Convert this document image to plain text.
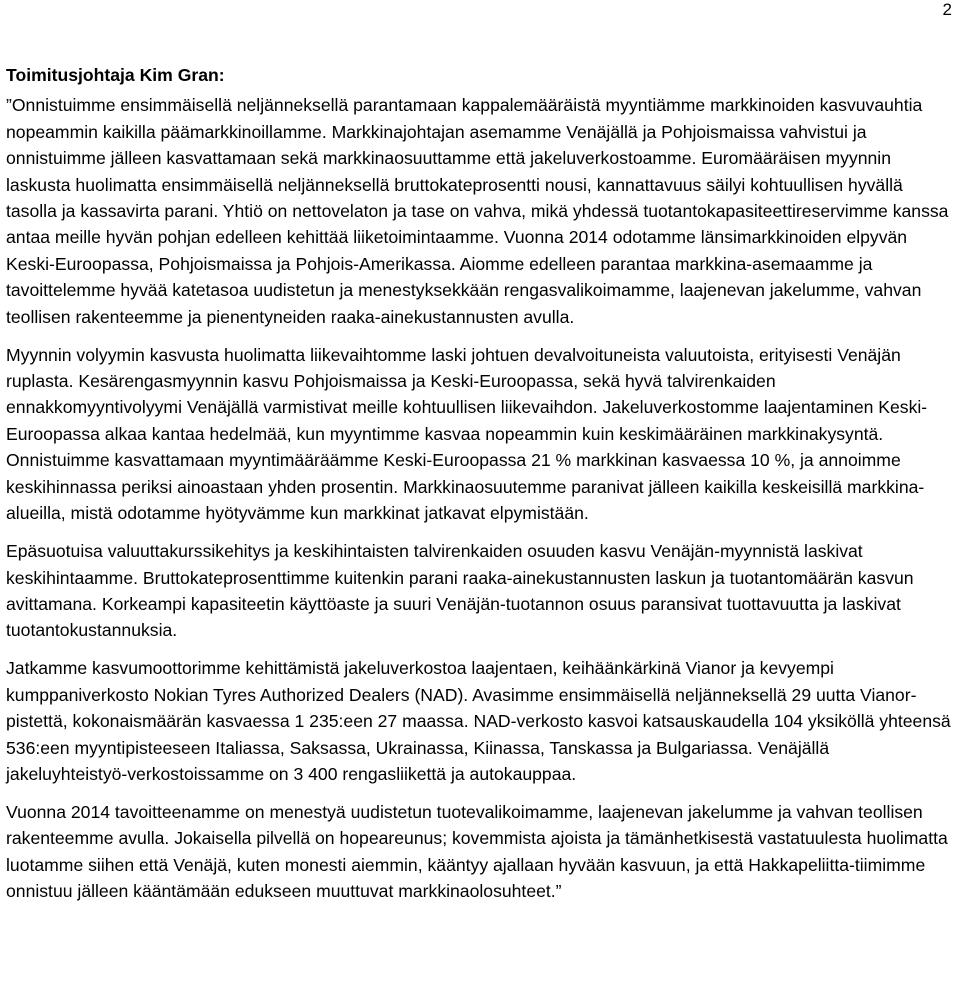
2
Toimitusjohtaja Kim Gran:

”Onnistuimme ensimmäisellä neljänneksellä parantamaan kappalemääräistä myyntiämme markkinoiden kasvuvauhtia nopeammin kaikilla päämarkkinoillamme. Markkinajohtajan asemamme Venäjällä ja Pohjoismaissa vahvistui ja onnistuimme jälleen kasvattamaan sekä markkinaosuuttamme että jakeluverkostoamme. Euromääräisen myynnin laskusta huolimatta ensimmäisellä neljänneksellä bruttokateprosentti nousi, kannattavuus säilyi kohtuullisen hyvällä tasolla ja kassavirta parani. Yhtiö on nettovelaton ja tase on vahva, mikä yhdessä tuotantokapasiteettireservimme kanssa antaa meille hyvän pohjan edelleen kehittää liiketoimintaamme. Vuonna 2014 odotamme länsimarkkinoiden elpyvän Keski-Euroopassa, Pohjoismaissa ja Pohjois-Amerikassa. Aiomme edelleen parantaa markkina-asemaamme ja tavoittelemme hyvää katetasoa uudistetun ja menestyksekkään rengasvalikoimamme, laajenevan jakelumme, vahvan teollisen rakenteemme ja pienentyneiden raaka-ainekustannusten avulla.

Myynnin volyymin kasvusta huolimatta liikevaihtomme laski johtuen devalvoituneista valuutoista, erityisesti Venäjän ruplasta. Kesärengasmyynnin kasvu Pohjoismaissa ja Keski-Euroopassa, sekä hyvä talvirenkaiden ennakkomyyntivolyymi Venäjällä varmistivat meille kohtuullisen liikevaihdon. Jakeluverkostomme laajentaminen Keski-Euroopassa alkaa kantaa hedelmää, kun myyntimme kasvaa nopeammin kuin keskimääräinen markkinakysyntä. Onnistuimme kasvattamaan myyntimääräämme Keski-Euroopassa 21 % markkinan kasvaessa 10 %, ja annoimme keskihinnassa periksi ainoastaan yhden prosentin. Markkinaosuutemme paranivat jälleen kaikilla keskeisillä markkina-alueilla, mistä odotamme hyötyvämme kun markkinat jatkavat elpymistään.

Epäsuotuisa valuuttakurssikehitys ja keskihintaisten talvirenkaiden osuuden kasvu Venäjän-myynnistä laskivat keskihintaamme. Bruttokateprosenttimme kuitenkin parani raaka-ainekustannusten laskun ja tuotantomäärän kasvun avittamana. Korkeampi kapasiteetin käyttöaste ja suuri Venäjän-tuotannon osuus paransivat tuottavuutta ja laskivat tuotantokustannuksia.

Jatkamme kasvumoottorimme kehittämistä jakeluverkostoa laajentaen, keihäänkärkinä Vianor ja kevyempi kumppaniverkosto Nokian Tyres Authorized Dealers (NAD). Avasimme ensimmäisellä neljänneksellä 29 uutta Vianor-pistettä, kokonaismäärän kasvaessa 1 235:een 27 maassa. NAD-verkosto kasvoi katsauskaudella 104 yksiköllä yhteensä 536:een myyntipisteeseen Italiassa, Saksassa, Ukrainassa, Kiinassa, Tanskassa ja Bulgariassa. Venäjällä jakeluyhteistyö-verkostoissamme on 3 400 rengasliikettä ja autokauppaa.

Vuonna 2014 tavoitteenamme on menestyä uudistetun tuotevalikoimamme, laajenevan jakelumme ja vahvan teollisen rakenteemme avulla. Jokaisella pilvellä on hopeareunus; kovemmista ajoista ja tämänhetkisestä vastatuulesta huolimatta luotamme siihen että Venäjä, kuten monesti aiemmin, kääntyy ajallaan hyvään kasvuun, ja että Hakkapeliitta-tiimimme onnistuu jälleen kääntämään edukseen muuttuvat markkinaolosuhteet.”
